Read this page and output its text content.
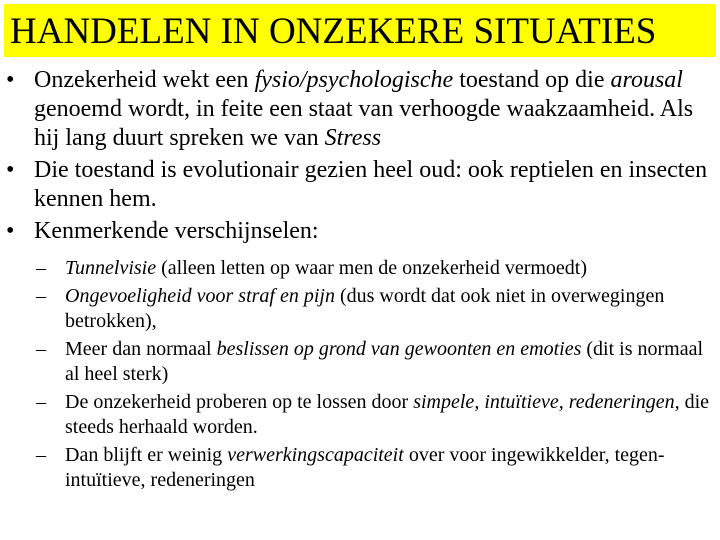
HANDELEN IN ONZEKERE SITUATIES
• Onzekerheid wekt een fysio/psychologische toestand op die arousal genoemd wordt, in feite een staat van verhoogde waakzaamheid. Als hij lang duurt spreken we van Stress
• Die toestand is evolutionair gezien heel oud: ook reptielen en insecten kennen hem.
• Kenmerkende verschijnselen:
– Tunnelvisie (alleen letten op waar men de onzekerheid vermoedt)
– Ongevoeligheid voor straf en pijn (dus wordt dat ook niet in overwegingen betrokken),
– Meer dan normaal beslissen op grond van gewoonten en emoties (dit is normaal al heel sterk)
– De onzekerheid proberen op te lossen door simpele, intuïtieve, redeneringen, die steeds herhaald worden.
– Dan blijft er weinig verwerkingscapaciteit over voor ingewikkelder, tegen-intuïtieve, redeneringen
